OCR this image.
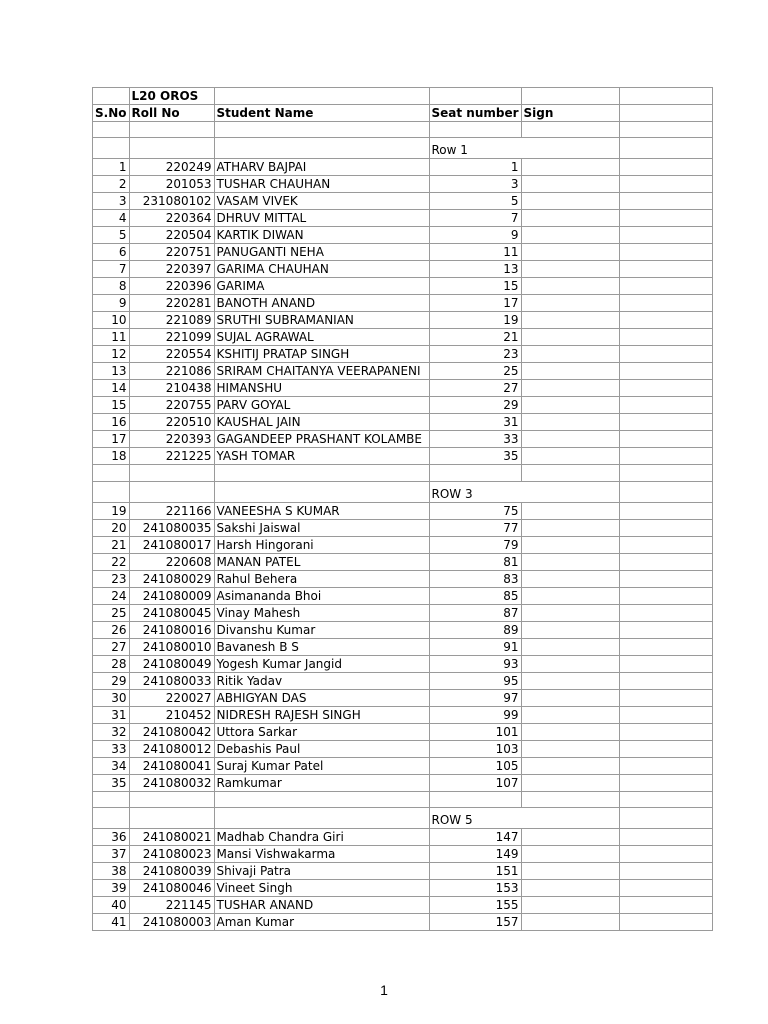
	L20 OROS				
S.No	Roll No	Student Name	Seat number	Sign	

			Row 1		
1	220249	ATHARV BAJPAI	1		
2	201053	TUSHAR CHAUHAN	3		
3	231080102	VASAM VIVEK	5		
4	220364	DHRUV MITTAL	7		
5	220504	KARTIK DIWAN	9		
6	220751	PANUGANTI NEHA	11		
7	220397	GARIMA CHAUHAN	13		
8	220396	GARIMA	15		
9	220281	BANOTH ANAND	17		
10	221089	SRUTHI SUBRAMANIAN	19		
11	221099	SUJAL AGRAWAL	21		
12	220554	KSHITIJ PRATAP SINGH	23		
13	221086	SRIRAM CHAITANYA VEERAPANENI	25		
14	210438	HIMANSHU	27		
15	220755	PARV GOYAL	29		
16	220510	KAUSHAL JAIN	31		
17	220393	GAGANDEEP PRASHANT KOLAMBE	33		
18	221225	YASH TOMAR	35		

			ROW 3		
19	221166	VANEESHA S KUMAR	75		
20	241080035	Sakshi Jaiswal	77		
21	241080017	Harsh Hingorani	79		
22	220608	MANAN PATEL	81		
23	241080029	Rahul Behera	83		
24	241080009	Asimananda Bhoi	85		
25	241080045	Vinay Mahesh	87		
26	241080016	Divanshu Kumar	89		
27	241080010	Bavanesh B S	91		
28	241080049	Yogesh Kumar Jangid	93		
29	241080033	Ritik Yadav	95		
30	220027	ABHIGYAN DAS	97		
31	210452	NIDRESH RAJESH SINGH	99		
32	241080042	Uttora Sarkar	101		
33	241080012	Debashis Paul	103		
34	241080041	Suraj Kumar Patel	105		
35	241080032	Ramkumar	107		

			ROW 5		
36	241080021	Madhab Chandra Giri	147		
37	241080023	Mansi Vishwakarma	149		
38	241080039	Shivaji Patra	151		
39	241080046	Vineet Singh	153		
40	221145	TUSHAR ANAND	155		
41	241080003	Aman Kumar	157		
1
